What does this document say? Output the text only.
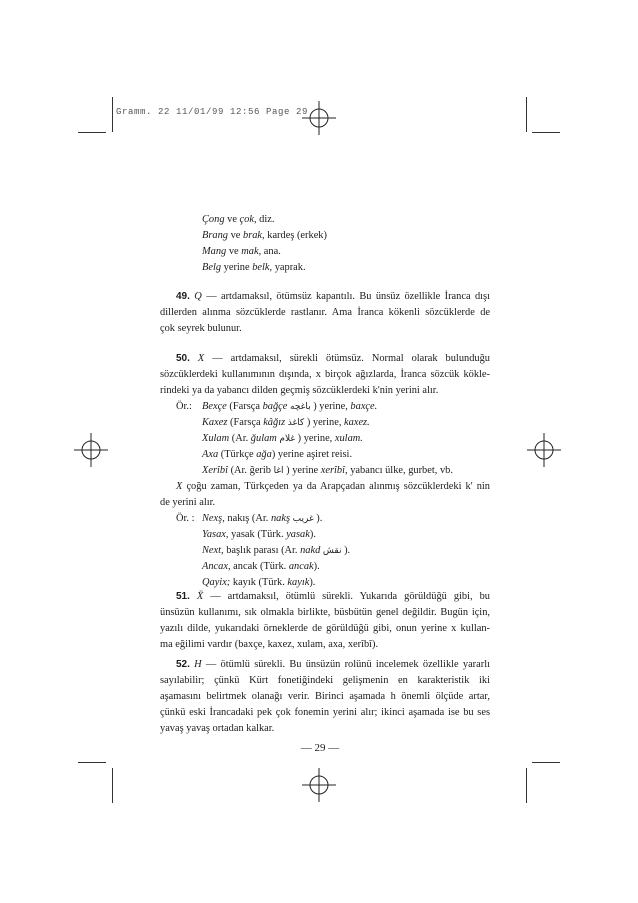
Gramm. 22 11/01/99 12:56 Page 29
Çong ve çok, diz.
Brang ve brak, kardeş (erkek)
Mang ve mak, ana.
Belg yerine belk, yaprak.
49. Q — artdamaksıl, ötümsüz kapantılı. Bu ünsüz özellikle İranca dışı
dillerden alınma sözcüklerde rastlanır. Ama İranca kökenli sözcüklerde de
çok seyrek bulunur.
50. X — artdamaksıl, sürekli ötümsüz. Normal olarak bulunduğu
sözcüklerdeki kullanımının dışında, x birçok ağızlarda, İranca sözcük kökle-
rindeki ya da yabancı dilden geçmiş sözcüklerdeki k'nin yerini alır.
Ör.: Bexçe (Farsça bağçe باغچه ) yerine, baxçe.
Kaxez (Farsça kâğız کاغذ ) yerine, kaxez.
Xulam (Ar. ğulam غلام ) yerine, xulam.
Axa (Türkçe ağa) yerine aşiret reisi.
Xerîbî (Ar. ğerib اغا ) yerine xerîbî, yabancı ülke, gurbet, vb.
X çoğu zaman, Türkçeden ya da Arapçadan alınmış sözcüklerdeki k' nin
de yerini alır.
Ör. : Nexş, nakış (Ar. nakş غريب ).
Yasax, yasak (Türk. yasak).
Next, başlık parası (Ar. nakd نقش ).
Ancax, ancak (Türk. ancak).
Qayix; kayık (Türk. kayık).
51. Ẍ — artdamaksıl, ötümlü sürekli. Yukarıda görüldüğü gibi, bu
ünsüzün kullanımı, sık olmakla birlikte, büsbütün genel değildir. Bugün için,
yazılı dilde, yukarıdaki örneklerde de görüldüğü gibi, onun yerine x kullan-
ma eğilimi vardır (baxçe, kaxez, xulam, axa, xerîbî).
52. H — ötümlü sürekli. Bu ünsüzün rolünü incelemek özellikle yararlı
sayılabilir; çünkü Kürt fonetiğindeki gelişmenin en karakteristik iki
aşamasını belirtmek olanağı verir. Birinci aşamada h önemli ölçüde artar,
çünkü eski İrancadaki pek çok fonemin yerini alır; ikinci aşamada ise bu ses
yavaş yavaş ortadan kalkar.
— 29 —
